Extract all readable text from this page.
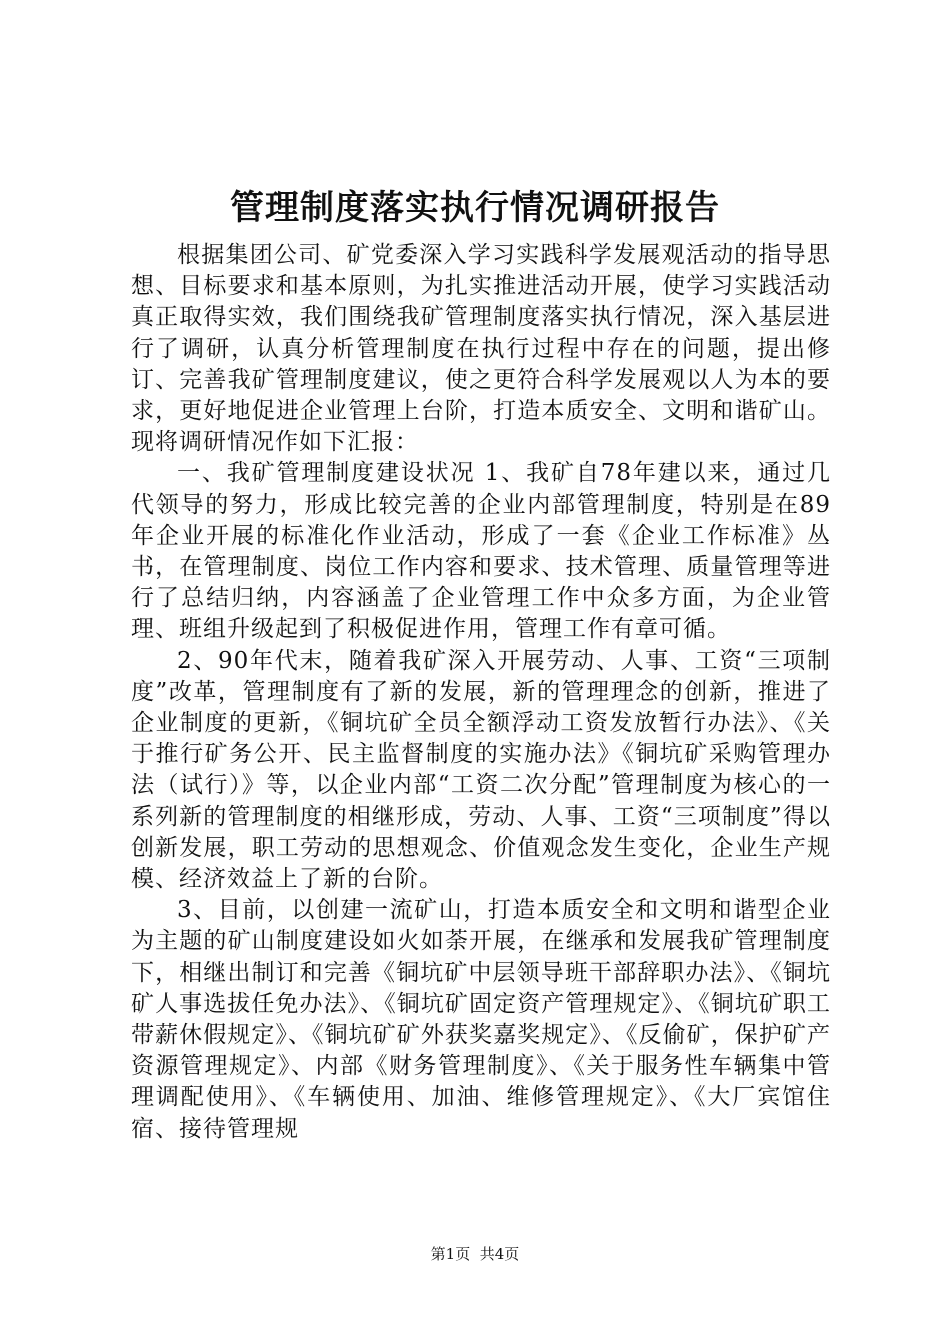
管理制度落实执行情况调研报告

根据集团公司、矿党委深入学习实践科学发展观活动的指导思想、目标要求和基本原则，为扎实推进活动开展，使学习实践活动真正取得实效，我们围绕我矿管理制度落实执行情况，深入基层进行了调研，认真分析管理制度在执行过程中存在的问题，提出修订、完善我矿管理制度建议，使之更符合科学发展观以人为本的要求，更好地促进企业管理上台阶，打造本质安全、文明和谐矿山。现将调研情况作如下汇报：

一、我矿管理制度建设状况 1、我矿自78年建以来，通过几代领导的努力，形成比较完善的企业内部管理制度，特别是在89年企业开展的标准化作业活动，形成了一套《企业工作标准》丛书，在管理制度、岗位工作内容和要求、技术管理、质量管理等进行了总结归纳，内容涵盖了企业管理工作中众多方面，为企业管理、班组升级起到了积极促进作用，管理工作有章可循。

2、90年代末，随着我矿深入开展劳动、人事、工资“三项制度”改革，管理制度有了新的发展，新的管理理念的创新，推进了企业制度的更新，《铜坑矿全员全额浮动工资发放暂行办法》、《关于推行矿务公开、民主监督制度的实施办法》《铜坑矿采购管理办法（试行）》等，以企业内部“工资二次分配”管理制度为核心的一系列新的管理制度的相继形成，劳动、人事、工资“三项制度”得以创新发展，职工劳动的思想观念、价值观念发生变化，企业生产规模、经济效益上了新的台阶。

3、目前，以创建一流矿山，打造本质安全和文明和谐型企业为主题的矿山制度建设如火如荼开展，在继承和发展我矿管理制度下，相继出制订和完善《铜坑矿中层领导班干部辞职办法》、《铜坑矿人事选拔任免办法》、《铜坑矿固定资产管理规定》、《铜坑矿职工带薪休假规定》、《铜坑矿矿外获奖嘉奖规定》、《反偷矿，保护矿产资源管理规定》、内部《财务管理制度》、《关于服务性车辆集中管理调配使用》、《车辆使用、加油、维修管理规定》、《大厂宾馆住宿、接待管理规

第1页 共4页
